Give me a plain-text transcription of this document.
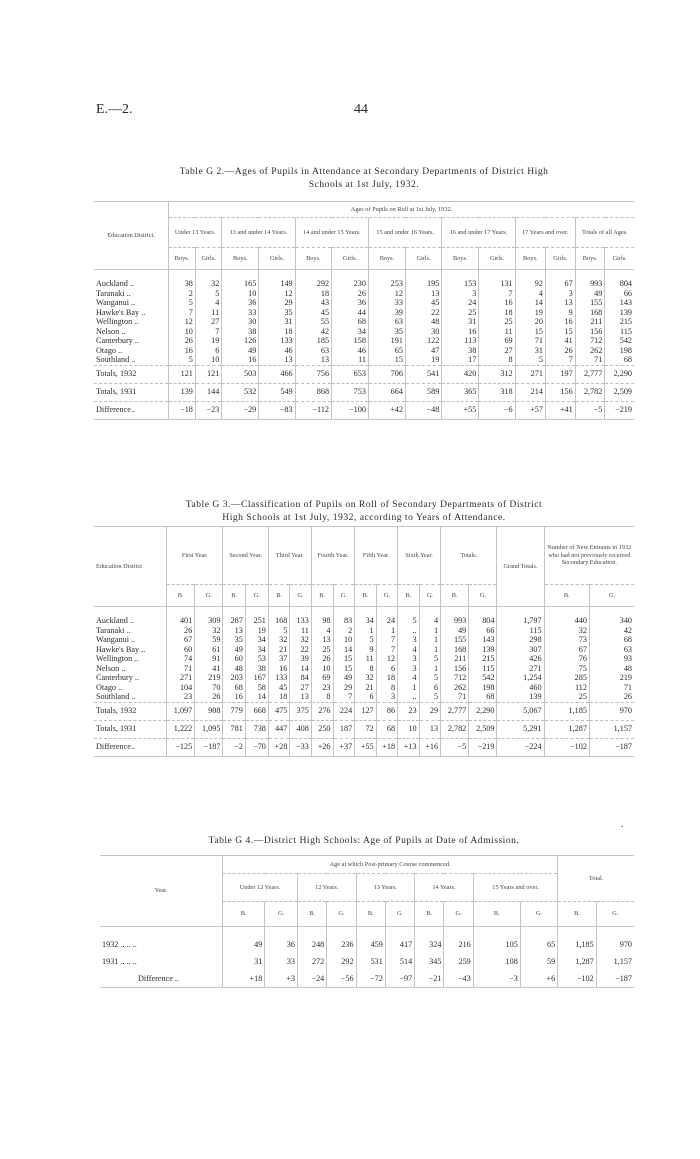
E.—2.	44
Table G 2.—Ages of Pupils in Attendance at Secondary Departments of District High
Schools at 1st July, 1932.
Education District.	Ages of Pupils on Roll at 1st July, 1932.													
	Under 13 Years.		13 and under 14 Years.		14 and under 15 Years.		15 and under 16 Years.		16 and under 17 Years.		17 Years and over.		Totals of all Ages.	
	Boys.	Girls.	Boys.	Girls.	Boys.	Girls.	Boys.	Girls.	Boys.	Girls.	Boys.	Girls.	Boys.	Girls.

Auckland ..	38	32	165	149	292	230	253	195	153	131	92	67	993	804
Taranaki ..	2	5	10	12	18	26	12	13	3	7	4	3	49	66
Wanganui ..	5	4	36	29	43	36	33	45	24	16	14	13	155	143
Hawke's Bay ..	7	11	33	35	45	44	39	22	25	18	19	9	168	139
Wellington ..	12	27	30	31	55	68	63	48	31	25	20	16	211	215
Nelson ..	10	7	38	18	42	34	35	30	16	11	15	15	156	115
Canterbury ..	26	19	126	133	185	158	191	122	113	69	71	41	712	542
Otago ..	16	6	49	46	63	46	65	47	38	27	31	26	262	198
Southland ..	5	10	16	13	13	11	15	19	17	8	5	7	71	68
Totals, 1932	121	121	503	466	756	653	706	541	420	312	271	197	2,777	2,290
Totals, 1931	139	144	532	549	868	753	664	589	365	318	214	156	2,782	2,509
Difference..	−18	−23	−29	−83	−112	−100	+42	−48	+55	−6	+57	+41	−5	−219
Table G 3.—Classification of Pupils on Roll of Secondary Departments of District
High Schools at 1st July, 1932, according to Years of Attendance.
Education District	First Year.		Second Year.		Third Year.		Fourth Year.		Fifth Year.		Sixth Year.		Totals.		Grand Totals.	Number of New Entrants in 1932 who had not previously received Secondary Education.	
	B.	G.	B.	G.	B.	G.	B.	G.	B.	G.	B.	G.	B.	G.		B.	G.

Auckland ..	401	309	287	251	168	133	98	83	34	24	5	4	993	804	1,797	440	340
Taranaki ..	26	32	13	19	5	11	4	2	1	1	..	1	49	66	115	32	42
Wanganui ..	67	59	35	34	32	32	13	10	5	7	3	1	155	143	298	73	68
Hawke's Bay ..	60	61	49	34	21	22	25	14	9	7	4	1	168	139	307	67	63
Wellington ..	74	91	60	53	37	39	26	15	11	12	3	5	211	215	426	76	93
Nelson ..	71	41	48	38	16	14	10	15	8	6	3	1	156	115	271	75	48
Canterbury ..	271	219	203	167	133	84	69	49	32	18	4	5	712	542	1,254	285	219
Otago ..	104	70	68	58	45	27	23	29	21	8	1	6	262	198	460	112	71
Southland ..	23	26	16	14	18	13	8	7	6	3	..	5	71	68	139	25	26
Totals, 1932	1,097	908	779	668	475	375	276	224	127	86	23	29	2,777	2,290	5,067	1,185	970
Totals, 1931	1,222	1,095	781	738	447	408	250	187	72	68	10	13	2,782	2,509	5,291	1,287	1,157
Difference..	−125	−187	−2	−70	+28	−33	+26	+37	+55	+18	+13	+16	−5	−219	−224	−102	−187
.
Table G 4.—District High Schools: Age of Pupils at Date of Admission.
Year.	Age at which Post-primary Course commenced.										Total.	
	Under 12 Years.		12 Years.		13 Years.		14 Years.		15 Years and over.			
	B.	G.	B.	G.	B.	G.	B.	G.	B.	G.	B.	G.

1932 .. .. ..	49	36	248	236	459	417	324	216	105	65	1,185	970
1931 .. .. ..	31	33	272	292	531	514	345	259	108	59	1,287	1,157
Difference ..	+18	+3	−24	−56	−72	−97	−21	−43	−3	+6	−102	−187
